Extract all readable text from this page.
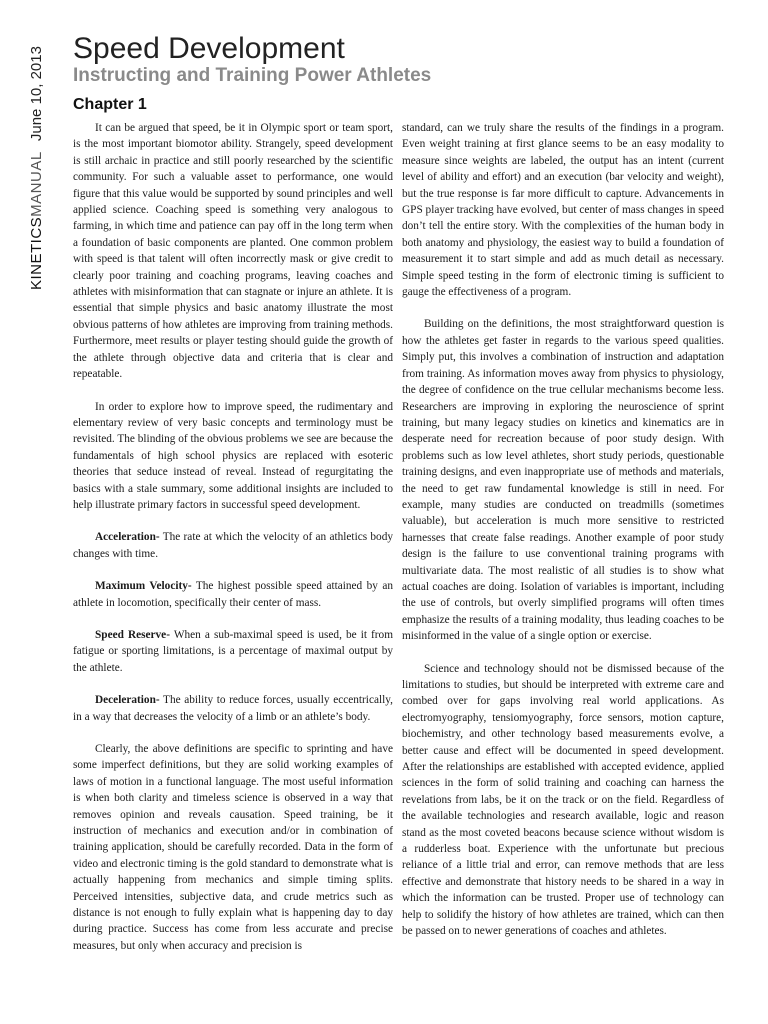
KINETICSMANUAL June 10, 2013 Speed Development
Instructing and Training Power Athletes
Chapter 1

It can be argued that speed, be it in Olympic sport or team sport, is the most important biomotor ability. Strangely, speed development is still archaic in practice and still poorly researched by the scientific community. For such a valuable asset to performance, one would figure that this value would be supported by sound principles and well applied science. Coaching speed is something very analogous to farming, in which time and patience can pay off in the long term when a foundation of basic components are planted. One common problem with speed is that talent will often incorrectly mask or give credit to clearly poor training and coaching programs, leaving coaches and athletes with misinformation that can stagnate or injure an athlete. It is essential that simple physics and basic anatomy illustrate the most obvious patterns of how athletes are improving from training methods. Furthermore, meet results or player testing should guide the growth of the athlete through objective data and criteria that is clear and repeatable.

In order to explore how to improve speed, the rudimentary and elementary review of very basic concepts and terminology must be revisited. The blinding of the obvious problems we see are because the fundamentals of high school physics are replaced with esoteric theories that seduce instead of reveal. Instead of regurgitating the basics with a stale summary, some additional insights are included to help illustrate primary factors in successful speed development.

Acceleration- The rate at which the velocity of an athletics body changes with time.

Maximum Velocity- The highest possible speed attained by an athlete in locomotion, specifically their center of mass.

Speed Reserve- When a sub-maximal speed is used, be it from fatigue or sporting limitations, is a percentage of maximal output by the athlete.

Deceleration- The ability to reduce forces, usually eccentrically, in a way that decreases the velocity of a limb or an athlete’s body.

Clearly, the above definitions are specific to sprinting and have some imperfect definitions, but they are solid working examples of laws of motion in a functional language. The most useful information is when both clarity and timeless science is observed in a way that removes opinion and reveals causation. Speed training, be it instruction of mechanics and execution and/or in combination of training application, should be carefully recorded. Data in the form of video and electronic timing is the gold standard to demonstrate what is actually happening from mechanics and simple timing splits. Perceived intensities, subjective data, and crude metrics such as distance is not enough to fully explain what is happening day to day during practice. Success has come from less accurate and precise measures, but only when accuracy and precision is

standard, can we truly share the results of the findings in a program. Even weight training at first glance seems to be an easy modality to measure since weights are labeled, the output has an intent (current level of ability and effort) and an execution (bar velocity and weight), but the true response is far more difficult to capture. Advancements in GPS player tracking have evolved, but center of mass changes in speed don’t tell the entire story. With the complexities of the human body in both anatomy and physiology, the easiest way to build a foundation of measurement it to start simple and add as much detail as necessary. Simple speed testing in the form of electronic timing is sufficient to gauge the effectiveness of a program.

Building on the definitions, the most straightforward question is how the athletes get faster in regards to the various speed qualities. Simply put, this involves a combination of instruction and adaptation from training. As information moves away from physics to physiology, the degree of confidence on the true cellular mechanisms become less. Researchers are improving in exploring the neuroscience of sprint training, but many legacy studies on kinetics and kinematics are in desperate need for recreation because of poor study design. With problems such as low level athletes, short study periods, questionable training designs, and even inappropriate use of methods and materials, the need to get raw fundamental knowledge is still in need. For example, many studies are conducted on treadmills (sometimes valuable), but acceleration is much more sensitive to restricted harnesses that create false readings. Another example of poor study design is the failure to use conventional training programs with multivariate data. The most realistic of all studies is to show what actual coaches are doing. Isolation of variables is important, including the use of controls, but overly simplified programs will often times emphasize the results of a training modality, thus leading coaches to be misinformed in the value of a single option or exercise.

Science and technology should not be dismissed because of the limitations to studies, but should be interpreted with extreme care and combed over for gaps involving real world applications. As electromyography, tensiomyography, force sensors, motion capture, biochemistry, and other technology based measurements evolve, a better cause and effect will be documented in speed development. After the relationships are established with accepted evidence, applied sciences in the form of solid training and coaching can harness the revelations from labs, be it on the track or on the field. Regardless of the available technologies and research available, logic and reason stand as the most coveted beacons because science without wisdom is a rudderless boat. Experience with the unfortunate but precious reliance of a little trial and error, can remove methods that are less effective and demonstrate that history needs to be shared in a way in which the information can be trusted. Proper use of technology can help to solidify the history of how athletes are trained, which can then be passed on to newer generations of coaches and athletes.
